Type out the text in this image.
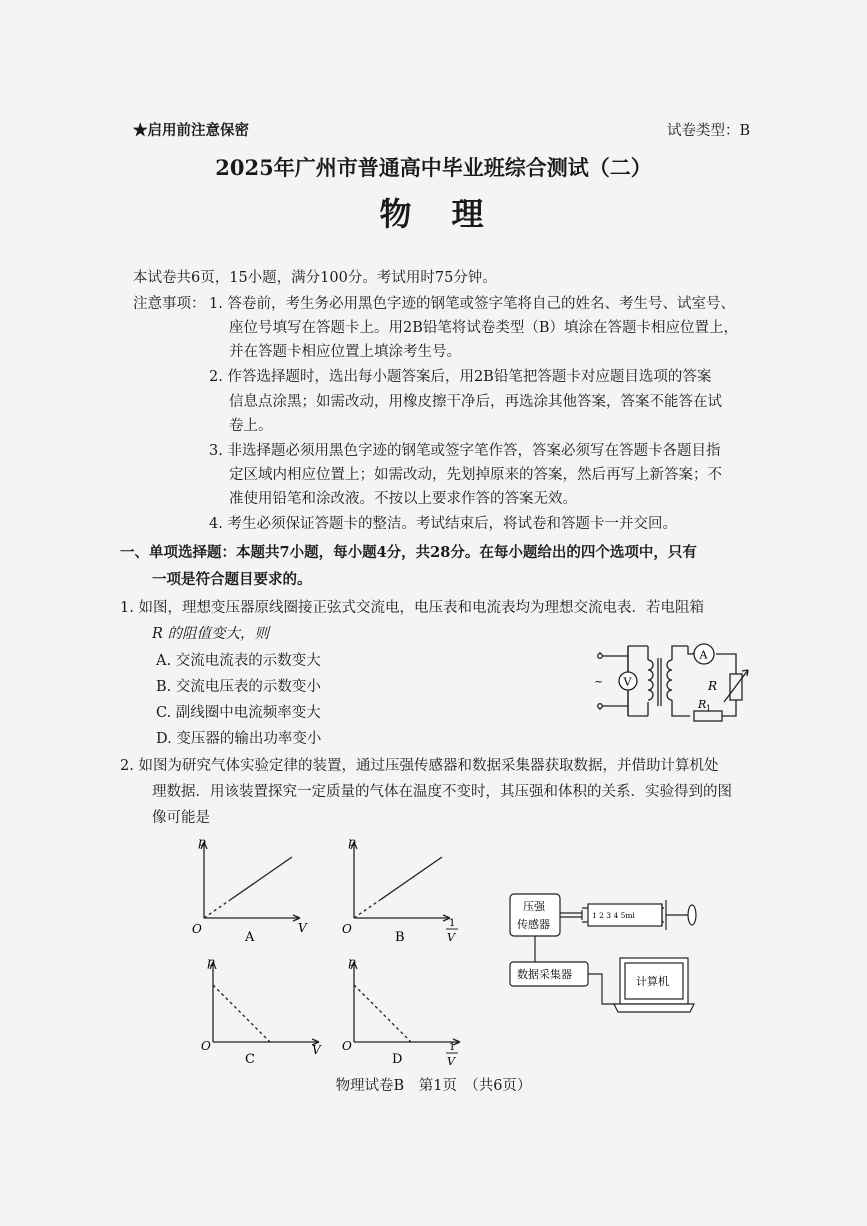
★启用前注意保密	试卷类型：B
2025年广州市普通高中毕业班综合测试（二）
物　理
本试卷共6页，15小题，满分100分。考试用时75分钟。
注意事项： 1. 答卷前，考生务必用黑色字迹的钢笔或签字笔将自己的姓名、考生号、试室号、
座位号填写在答题卡上。用2B铅笔将试卷类型（B）填涂在答题卡相应位置上，
并在答题卡相应位置上填涂考生号。
2. 作答选择题时，选出每小题答案后，用2B铅笔把答题卡对应题目选项的答案
信息点涂黑；如需改动，用橡皮擦干净后，再选涂其他答案，答案不能答在试
卷上。
3. 非选择题必须用黑色字迹的钢笔或签字笔作答，答案必须写在答题卡各题目指
定区域内相应位置上；如需改动，先划掉原来的答案，然后再写上新答案；不
准使用铅笔和涂改液。不按以上要求作答的答案无效。
4. 考生必须保证答题卡的整洁。考试结束后，将试卷和答题卡一并交回。
一、单项选择题：本题共7小题，每小题4分，共28分。在每小题给出的四个选项中，只有
一项是符合题目要求的。
1. 如图，理想变压器原线圈接正弦式交流电，电压表和电流表均为理想交流电表．若电阻箱
R 的阻值变大，则
A. 交流电流表的示数变大
B. 交流电压表的示数变小
C. 副线圈中电流频率变大
D. 变压器的输出功率变小
~ V
A
R
R 1
2. 如图为研究气体实验定律的装置，通过压强传感器和数据采集器获取数据，并借助计算机处
理数据．用该装置探究一定质量的气体在温度不变时，其压强和体积的关系．实验得到的图
像可能是
p
O	V
A
p
O	1
V
B
p
O	V
C
p
O	1
V
D
压强
传感器
1 2 3 4 5ml
数据采集器
计算机
物理试卷B　第1页　（共6页）
